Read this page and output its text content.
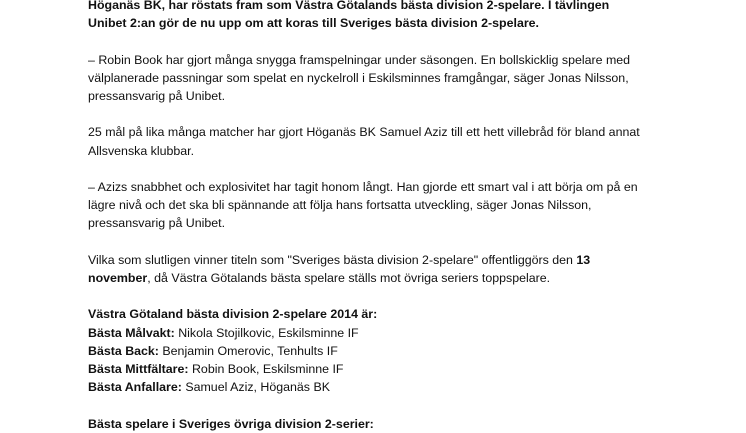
Höganäs BK, har röstats fram som Västra Götalands bästa division 2-spelare. I tävlingen

Unibet 2:an gör de nu upp om att koras till Sveriges bästa division 2-spelare.

– Robin Book har gjort många snygga framspelningar under säsongen. En bollskicklig spelare med

välplanerade passningar som spelat en nyckelroll i Eskilsminnes framgångar, säger Jonas Nilsson,

pressansvarig på Unibet.

25 mål på lika många matcher har gjort Höganäs BK Samuel Aziz till ett hett villebråd för bland annat

Allsvenska klubbar.

– Azizs snabbhet och explosivitet har tagit honom långt. Han gjorde ett smart val i att börja om på en

lägre nivå och det ska bli spännande att följa hans fortsatta utveckling, säger Jonas Nilsson,

pressansvarig på Unibet.

Vilka som slutligen vinner titeln som "Sveriges bästa division 2-spelare" offentliggörs den 13

november, då Västra Götalands bästa spelare ställs mot övriga seriers toppspelare.

Västra Götaland bästa division 2-spelare 2014 är:

Bästa Målvakt: Nikola Stojilkovic, Eskilsminne IF

Bästa Back: Benjamin Omerovic, Tenhults IF

Bästa Mittfältare: Robin Book, Eskilsminne IF

Bästa Anfallare: Samuel Aziz, Höganäs BK

Bästa spelare i Sveriges övriga division 2-serier:
